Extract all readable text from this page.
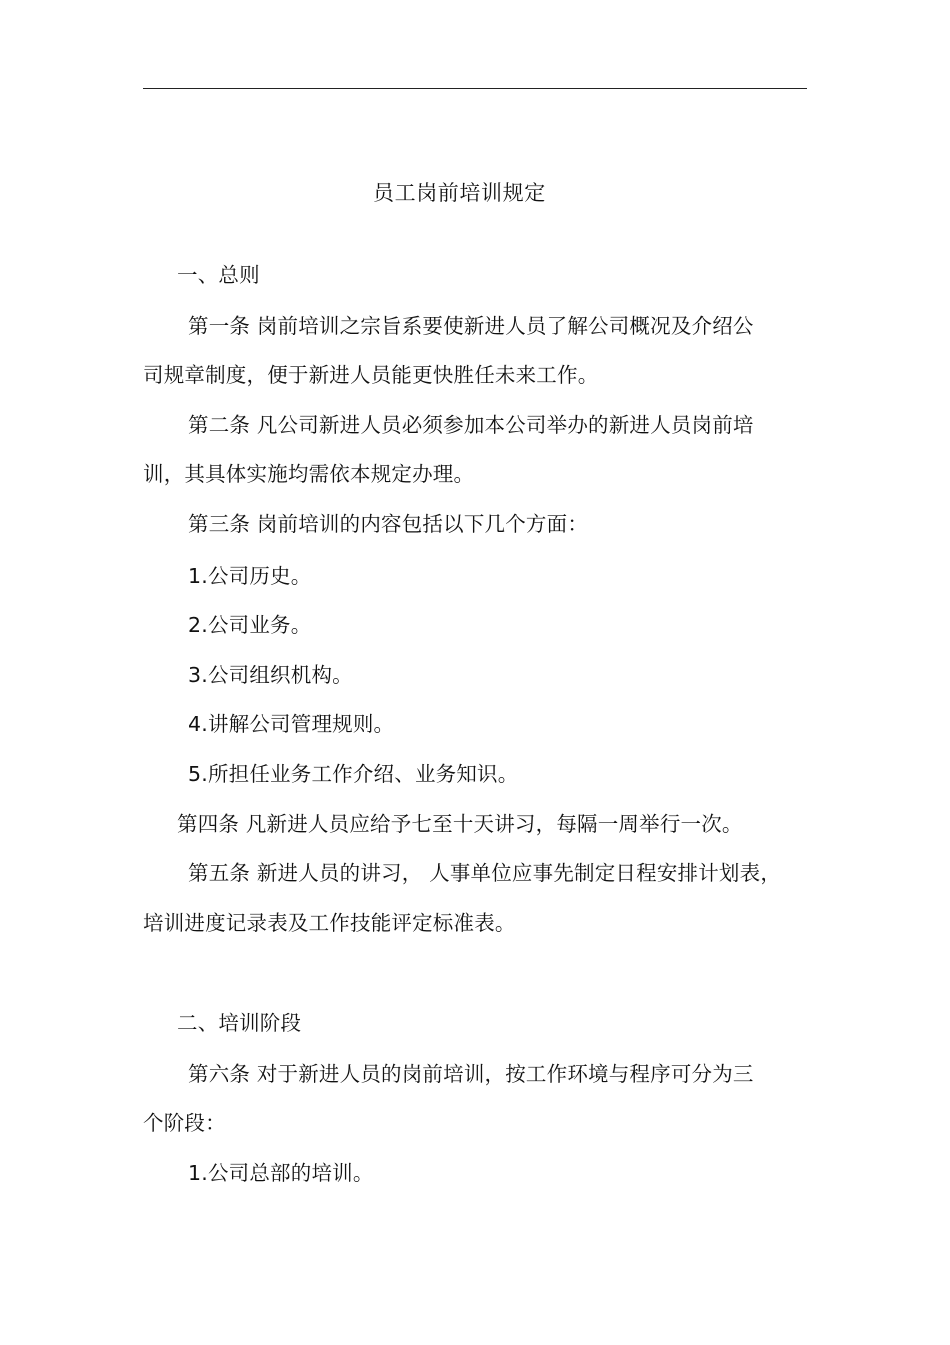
员工岗前培训规定
一、总则
第一条 岗前培训之宗旨系要使新进人员了解公司概况及介绍公
司规章制度，便于新进人员能更快胜任未来工作。
第二条 凡公司新进人员必须参加本公司举办的新进人员岗前培
训，其具体实施均需依本规定办理。
第三条 岗前培训的内容包括以下几个方面：
1.公司历史。
2.公司业务。
3.公司组织机构。
4.讲解公司管理规则。
5.所担任业务工作介绍、业务知识。
第四条 凡新进人员应给予七至十天讲习，每隔一周举行一次。
第五条 新进人员的讲习， 人事单位应事先制定日程安排计划表，
培训进度记录表及工作技能评定标准表。
二、培训阶段
第六条 对于新进人员的岗前培训，按工作环境与程序可分为三
个阶段：
1.公司总部的培训。
